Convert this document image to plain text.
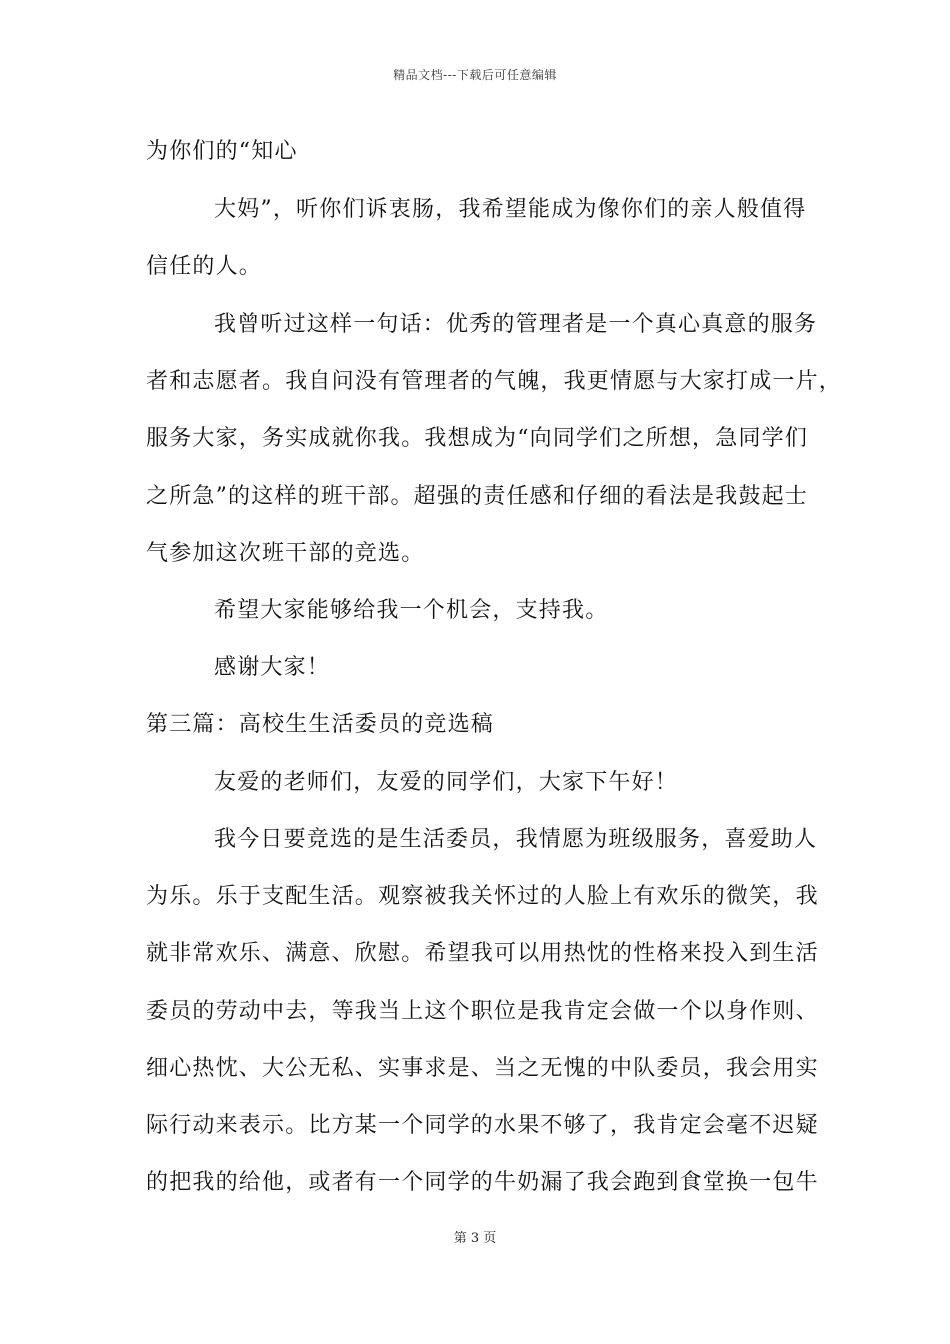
精品文档---下载后可任意编辑
为你们的“知心
大妈”，听你们诉衷肠，我希望能成为像你们的亲人般值得
信任的人。
我曾听过这样一句话：优秀的管理者是一个真心真意的服务
者和志愿者。我自问没有管理者的气魄，我更情愿与大家打成一片，
服务大家，务实成就你我。我想成为“向同学们之所想，急同学们
之所急”的这样的班干部。超强的责任感和仔细的看法是我鼓起士
气参加这次班干部的竞选。
希望大家能够给我一个机会，支持我。
感谢大家！
第三篇：高校生生活委员的竞选稿
友爱的老师们，友爱的同学们，大家下午好！
我今日要竞选的是生活委员，我情愿为班级服务，喜爱助人
为乐。乐于支配生活。观察被我关怀过的人脸上有欢乐的微笑，我
就非常欢乐、满意、欣慰。希望我可以用热忱的性格来投入到生活
委员的劳动中去，等我当上这个职位是我肯定会做一个以身作则、
细心热忱、大公无私、实事求是、当之无愧的中队委员，我会用实
际行动来表示。比方某一个同学的水果不够了，我肯定会毫不迟疑
的把我的给他，或者有一个同学的牛奶漏了我会跑到食堂换一包牛
第 3 页
